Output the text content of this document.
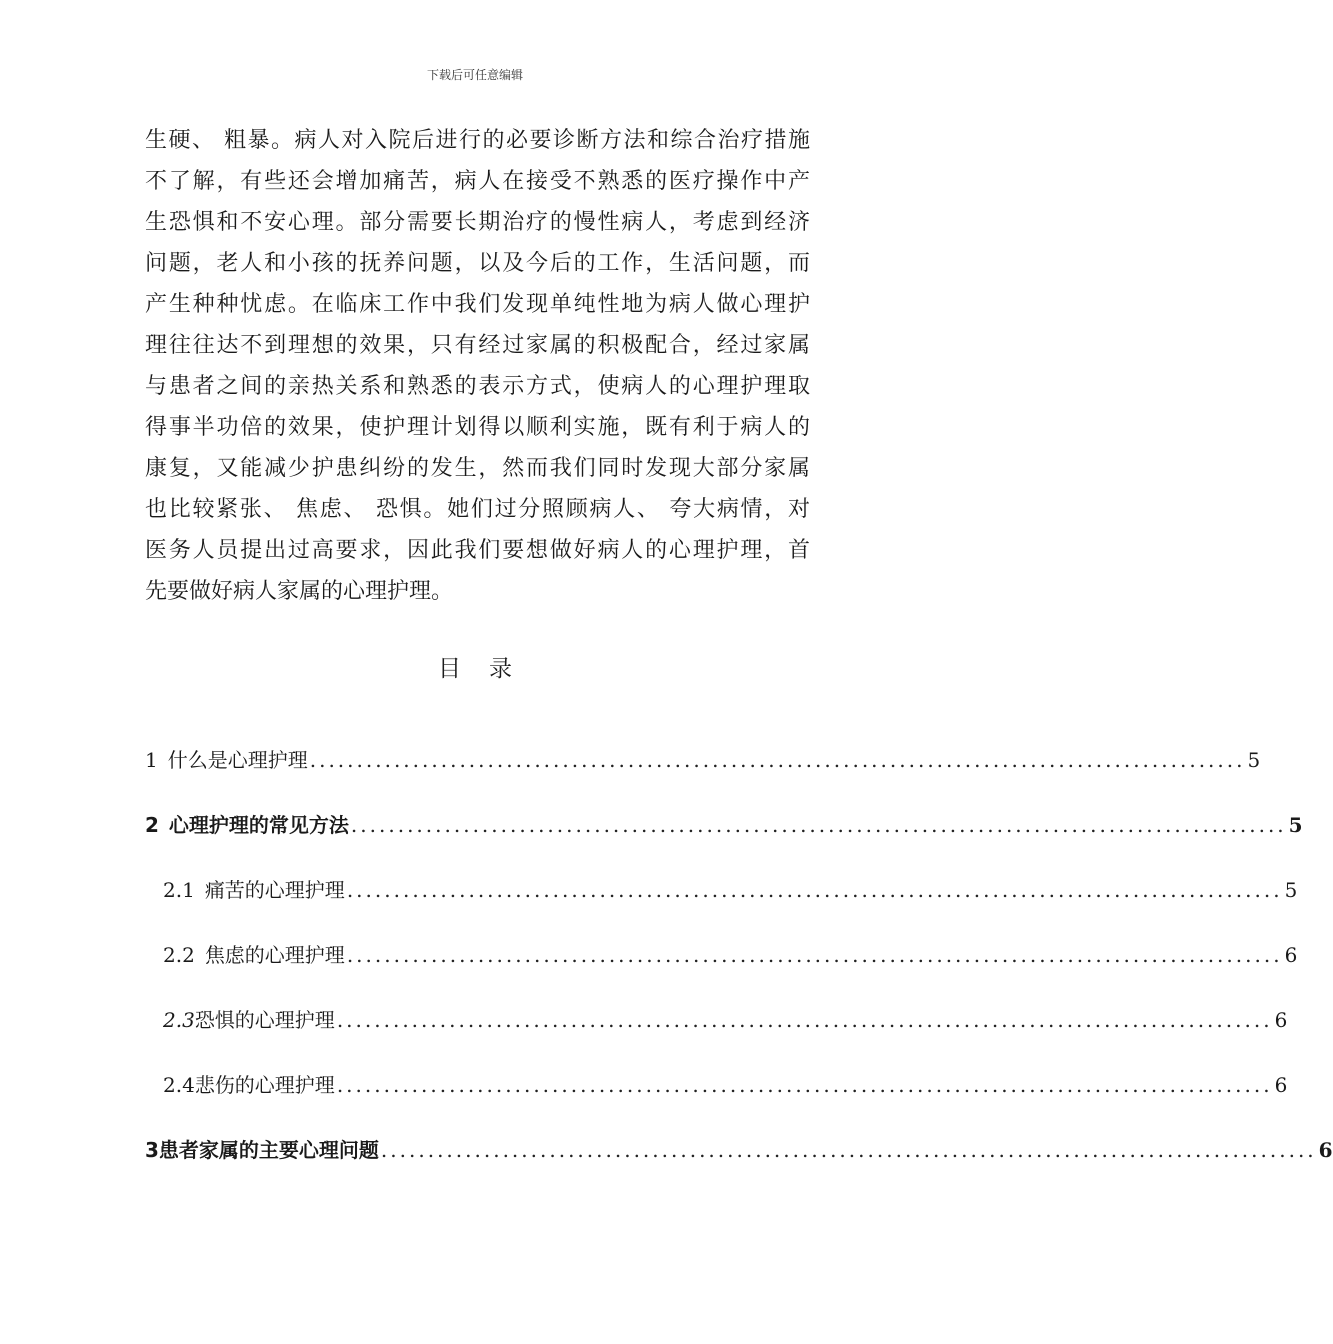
下载后可任意编辑
生硬、 粗暴。病人对入院后进行的必要诊断方法和综合治疗措施
不了解，有些还会增加痛苦，病人在接受不熟悉的医疗操作中产
生恐惧和不安心理。部分需要长期治疗的慢性病人，考虑到经济
问题，老人和小孩的抚养问题，以及今后的工作，生活问题，而
产生种种忧虑。在临床工作中我们发现单纯性地为病人做心理护
理往往达不到理想的效果，只有经过家属的积极配合，经过家属
与患者之间的亲热关系和熟悉的表示方式，使病人的心理护理取
得事半功倍的效果，使护理计划得以顺利实施，既有利于病人的
康复，又能减少护患纠纷的发生，然而我们同时发现大部分家属
也比较紧张、 焦虑、 恐惧。她们过分照顾病人、 夸大病情，对
医务人员提出过高要求，因此我们要想做好病人的心理护理，首
先要做好病人家属的心理护理。
目录
1 什么是心理护理 .................................................................................................... 5
2 心理护理的常见方法 .................................................................................................... 5
2.1 痛苦的心理护理 .................................................................................................... 5
2.2 焦虑的心理护理 .................................................................................................... 6
2.3 恐惧的心理护理 .................................................................................................... 6
2.4 悲伤的心理护理 .................................................................................................... 6
3 患者家属的主要心理问题 .................................................................................................... 6
